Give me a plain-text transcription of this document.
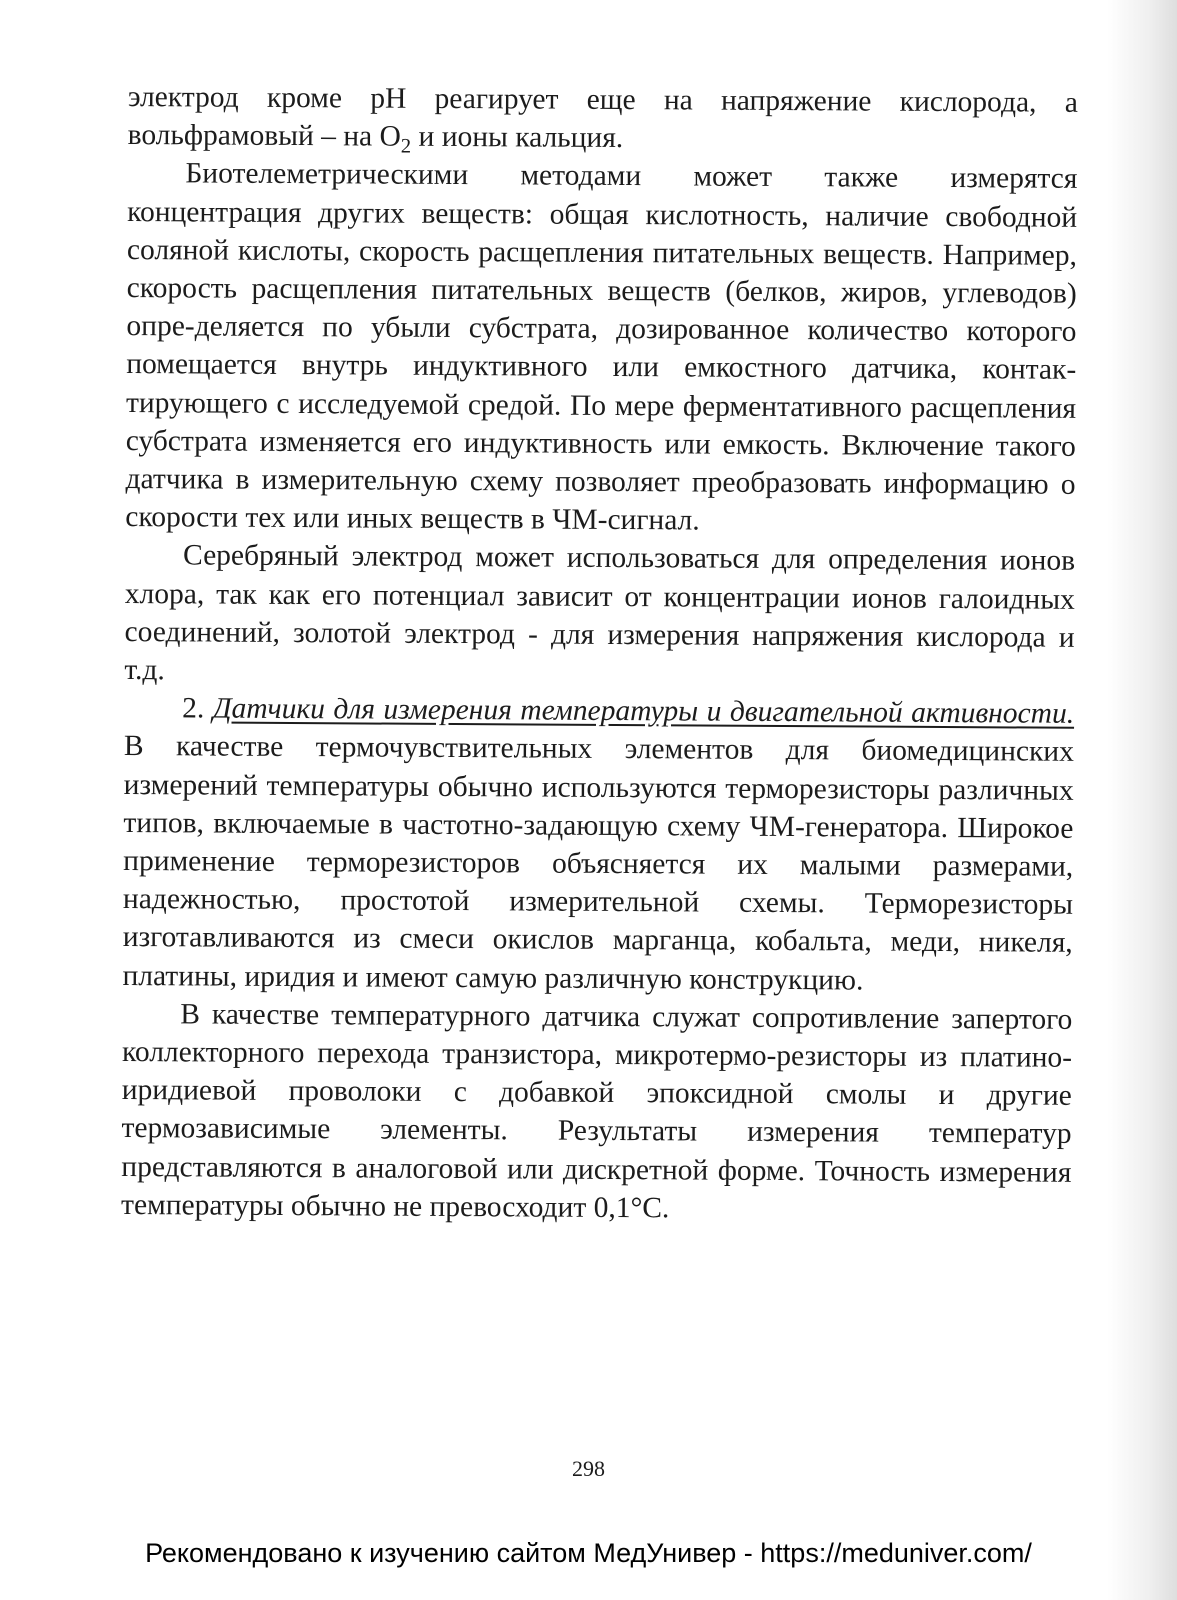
электрод кроме pH реагирует еще на напряжение кислорода, а вольфрамовый – на $O_2$ и ионы кальция.

Биотелеметрическими методами может также измерятся концентрация других веществ: общая кислотность, наличие свободной соляной кислоты, скорость расщепления питательных веществ. Например, скорость расщепления питательных веществ (белков, жиров, углеводов) опре-деляется по убыли субстрата, дозированное количество которого помещается внутрь индуктивного или емкостного датчика, контактирующего с исследуемой средой. По мере ферментативного расщепления субстрата изменяется его индуктивность или емкость. Включение такого датчика в измерительную схему позволяет преобразовать информацию о скорости тех или иных веществ в ЧМ-сигнал.

Серебряный электрод может использоваться для определения ионов хлора, так как его потенциал зависит от концентрации ионов галоидных соединений, золотой электрод - для измерения напряжения кислорода и т.д.

2. Датчики для измерения температуры и двигательной активности. В качестве термочувствительных элементов для биомедицинских измерений температуры обычно используются терморезисторы различных типов, включаемые в частотно-задающую схему ЧМ-генератора. Широкое применение терморезисторов объясняется их малыми размерами, надежностью, простотой измерительной схемы. Терморезисторы изготавливаются из смеси окислов марганца, кобальта, меди, никеля, платины, иридия и имеют самую различную конструкцию.

В качестве температурного датчика служат сопротивление запертого коллекторного перехода транзистора, микротермо-резисторы из платино-иридиевой проволоки с добавкой эпоксидной смолы и другие термозависимые элементы. Результаты измерения температур представляются в аналоговой или дискретной форме. Точность измерения температуры обычно не превосходит 0,1°C.

298
Рекомендовано к изучению сайтом МедУнивер - https://meduniver.com/
